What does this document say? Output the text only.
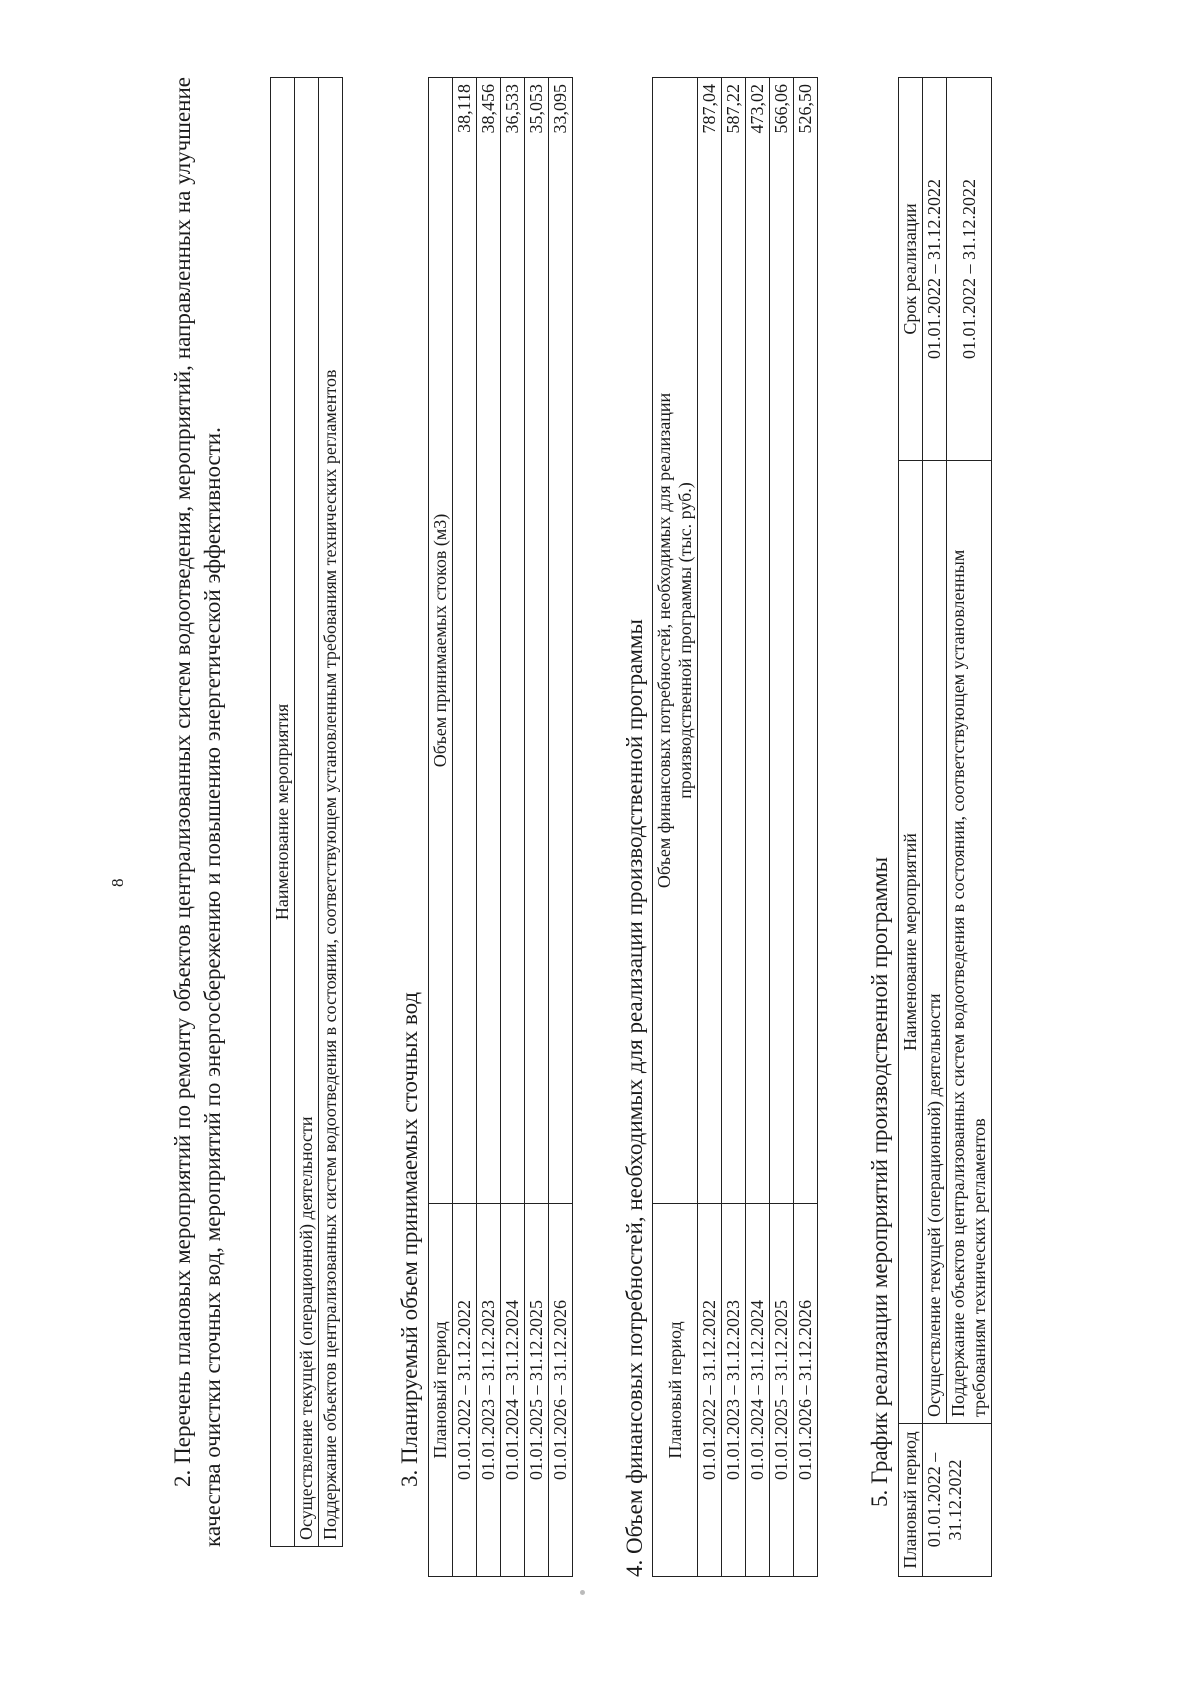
8 2. Перечень плановых мероприятий по ремонту объектов централизованных систем водоотведения, мероприятий, направленных на улучшение качества очистки сточных вод, мероприятий по энергосбережению и повышению энергетической эффективности.	Наименование мероприятия
Осуществление текущей (операционной) деятельности
Поддержание объектов централизованных систем водоотведения в состоянии, соответствующем установленным требованиям технических регламентов 3. Планируемый объем принимаемых сточных вод Плановый период	Объем принимаемых стоков (м3)
01.01.2022 – 31.12.2022	38,118
01.01.2023 – 31.12.2023	38,456
01.01.2024 – 31.12.2024	36,533
01.01.2025 – 31.12.2025	35,053
01.01.2026 – 31.12.2026	33,095
4. Объем финансовых потребностей, необходимых для реализации производственной программы Плановый период	Объем финансовых потребностей, необходимых для реализации производственной программы (тыс. руб.)
01.01.2022 – 31.12.2022	787,04
01.01.2023 – 31.12.2023	587,22
01.01.2024 – 31.12.2024	473,02
01.01.2025 – 31.12.2025	566,06
01.01.2026 – 31.12.2026	526,50
5. График реализации мероприятий производственной программы Плановый период	Наименование мероприятий	Срок реализации
01.01.2022 – 31.12.2022	Осуществление текущей (операционной) деятельности	01.01.2022 – 31.12.2022
	Поддержание объектов централизованных систем водоотведения в состоянии, соответствующем установленным требованиям технических регламентов	01.01.2022 – 31.12.2022
